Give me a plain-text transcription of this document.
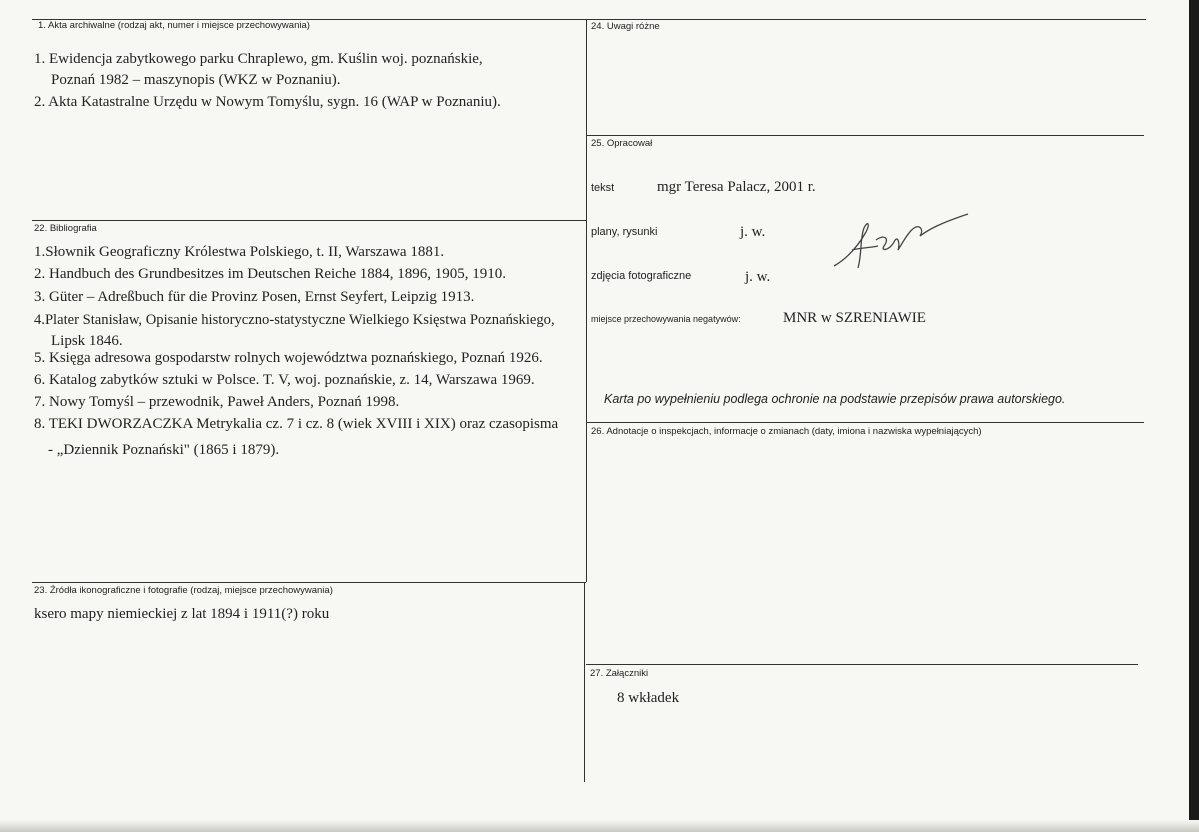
1. Akta archiwalne (rodzaj akt, numer i miejsce przechowywania)
1. Ewidencja zabytkowego parku Chraplewo, gm. Kuślin woj. poznańskie,
Poznań 1982 – maszynopis (WKZ w Poznaniu).
2. Akta Katastralne Urzędu w Nowym Tomyślu, sygn. 16 (WAP w Poznaniu).
22. Bibliografia
1.Słownik Geograficzny Królestwa Polskiego, t. II, Warszawa 1881.
2. Handbuch des Grundbesitzes im Deutschen Reiche 1884, 1896, 1905, 1910.
3. Güter – Adreßbuch für die Provinz Posen, Ernst Seyfert, Leipzig 1913.
4.Plater Stanisław, Opisanie historyczno-statystyczne Wielkiego Księstwa Poznańskiego,
Lipsk 1846.
5. Księga adresowa gospodarstw rolnych województwa poznańskiego, Poznań 1926.
6. Katalog zabytków sztuki w Polsce. T. V, woj. poznańskie, z. 14, Warszawa 1969.
7. Nowy Tomyśl – przewodnik, Paweł Anders, Poznań 1998.
8. TEKI DWORZACZKA Metrykalia cz. 7 i cz. 8 (wiek XVIII i XIX) oraz czasopisma
- „Dziennik Poznański" (1865 i 1879).
23. Źródła ikonograficzne i fotografie (rodzaj, miejsce przechowywania)
ksero mapy niemieckiej z lat 1894 i 1911(?) roku
24. Uwagi różne
25. Opracował
tekst	mgr Teresa Palacz, 2001 r.
plany, rysunki	j. w.
zdjęcia fotograficzne	j. w.
miejsce przechowywania negatywów:	MNR w SZRENIAWIE
Karta po wypełnieniu podlega ochronie na podstawie przepisów prawa autorskiego.
26. Adnotacje o inspekcjach, informacje o zmianach (daty, imiona i nazwiska wypełniających)
27. Załączniki
8 wkładek
